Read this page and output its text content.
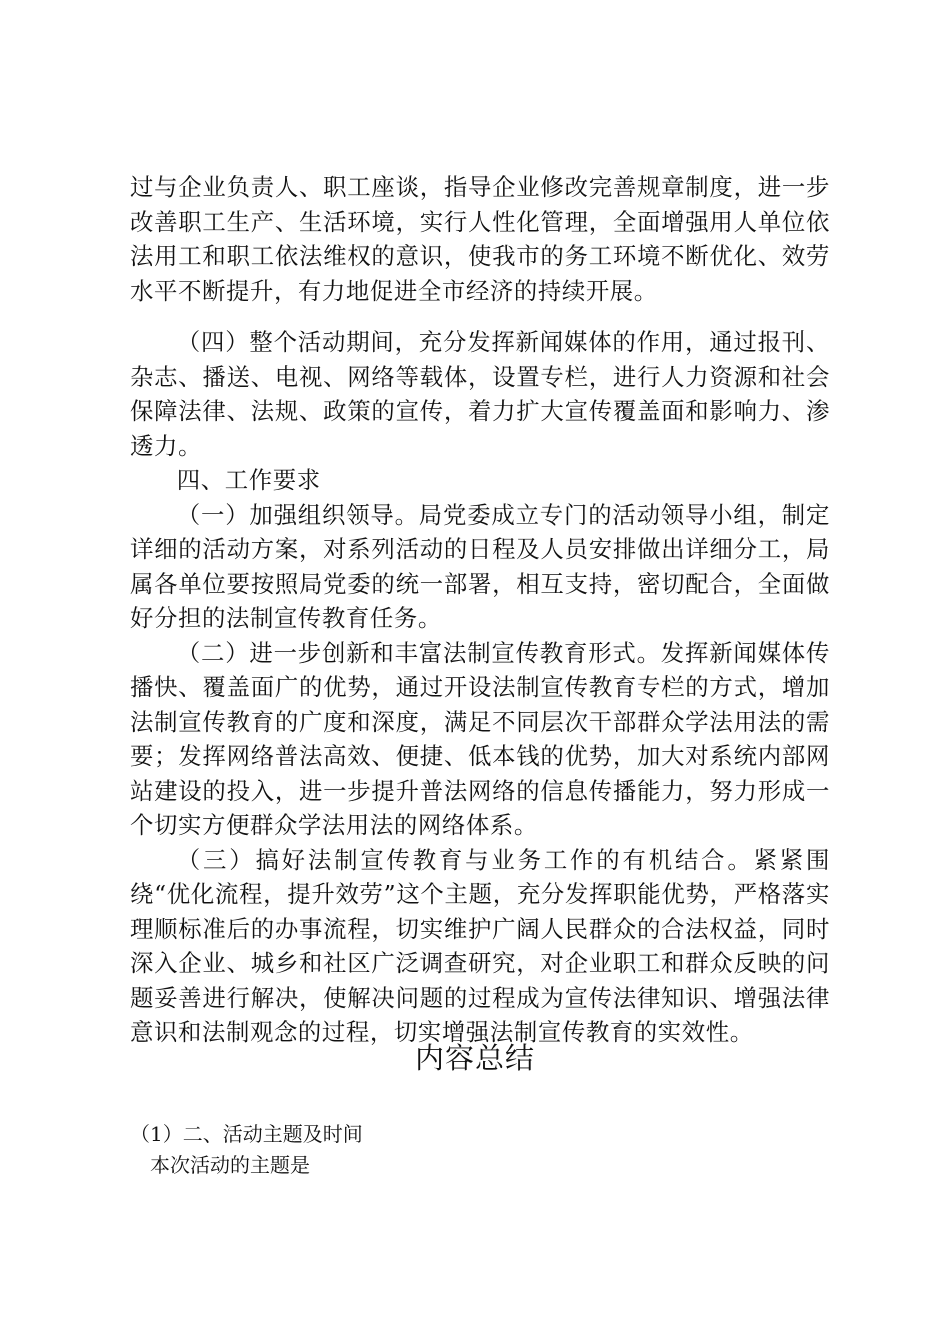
过与企业负责人、职工座谈，指导企业修改完善规章制度，进一步改善职工生产、生活环境，实行人性化管理，全面增强用人单位依法用工和职工依法维权的意识，使我市的务工环境不断优化、效劳水平不断提升，有力地促进全市经济的持续开展。

（四）整个活动期间，充分发挥新闻媒体的作用，通过报刊、杂志、播送、电视、网络等载体，设置专栏，进行人力资源和社会保障法律、法规、政策的宣传，着力扩大宣传覆盖面和影响力、渗透力。

四、工作要求

（一）加强组织领导。局党委成立专门的活动领导小组，制定详细的活动方案，对系列活动的日程及人员安排做出详细分工，局属各单位要按照局党委的统一部署，相互支持，密切配合，全面做好分担的法制宣传教育任务。

（二）进一步创新和丰富法制宣传教育形式。发挥新闻媒体传播快、覆盖面广的优势，通过开设法制宣传教育专栏的方式，增加法制宣传教育的广度和深度，满足不同层次干部群众学法用法的需要；发挥网络普法高效、便捷、低本钱的优势，加大对系统内部网站建设的投入，进一步提升普法网络的信息传播能力，努力形成一个切实方便群众学法用法的网络体系。

（三）搞好法制宣传教育与业务工作的有机结合。紧紧围绕“优化流程，提升效劳”这个主题，充分发挥职能优势，严格落实理顺标准后的办事流程，切实维护广阔人民群众的合法权益，同时深入企业、城乡和社区广泛调查研究，对企业职工和群众反映的问题妥善进行解决，使解决问题的过程成为宣传法律知识、增强法律意识和法制观念的过程，切实增强法制宣传教育的实效性。

内容总结
（1）二、活动主题及时间
本次活动的主题是
